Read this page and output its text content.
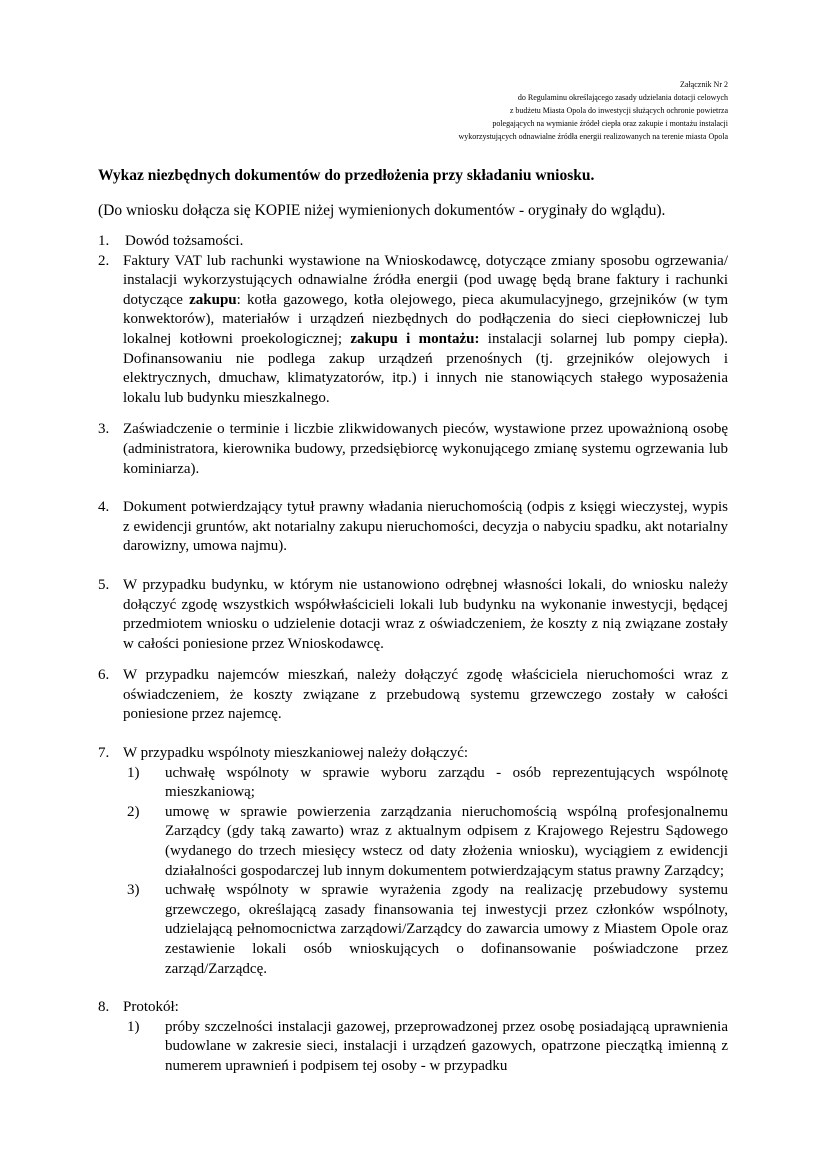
Załącznik Nr 2
do Regulaminu określającego zasady udzielania dotacji celowych
z budżetu Miasta Opola do inwestycji służących ochronie powietrza
polegających na wymianie źródeł ciepła oraz zakupie i montażu instalacji
wykorzystujących odnawialne źródła energii realizowanych na terenie miasta Opola
Wykaz niezbędnych dokumentów do przedłożenia przy składaniu wniosku.
(Do wniosku dołącza się KOPIE niżej wymienionych dokumentów - oryginały do wglądu).
1. Dowód tożsamości.
2. Faktury VAT lub rachunki wystawione na Wnioskodawcę, dotyczące zmiany sposobu ogrzewania/ instalacji wykorzystujących odnawialne źródła energii (pod uwagę będą brane faktury i rachunki dotyczące zakupu: kotła gazowego, kotła olejowego, pieca akumulacyjnego, grzejników (w tym konwektorów), materiałów i urządzeń niezbędnych do podłączenia do sieci ciepłowniczej lub lokalnej kotłowni proekologicznej; zakupu i montażu: instalacji solarnej lub pompy ciepła). Dofinansowaniu nie podlega zakup urządzeń przenośnych (tj. grzejników olejowych i elektrycznych, dmuchaw, klimatyzatorów, itp.) i innych nie stanowiących stałego wyposażenia lokalu lub budynku mieszkalnego.
3. Zaświadczenie o terminie i liczbie zlikwidowanych pieców, wystawione przez upoważnioną osobę (administratora, kierownika budowy, przedsiębiorcę wykonującego zmianę systemu ogrzewania lub kominiarza).
4. Dokument potwierdzający tytuł prawny władania nieruchomością (odpis z księgi wieczystej, wypis z ewidencji gruntów, akt notarialny zakupu nieruchomości, decyzja o nabyciu spadku, akt notarialny darowizny, umowa najmu).
5. W przypadku budynku, w którym nie ustanowiono odrębnej własności lokali, do wniosku należy dołączyć zgodę wszystkich współwłaścicieli lokali lub budynku na wykonanie inwestycji, będącej przedmiotem wniosku o udzielenie dotacji wraz z oświadczeniem, że koszty z nią związane zostały w całości poniesione przez Wnioskodawcę.
6. W przypadku najemców mieszkań, należy dołączyć zgodę właściciela nieruchomości wraz z oświadczeniem, że koszty związane z przebudową systemu grzewczego zostały w całości poniesione przez najemcę.
7. W przypadku wspólnoty mieszkaniowej należy dołączyć:
1) uchwałę wspólnoty w sprawie wyboru zarządu - osób reprezentujących wspólnotę mieszkaniową;
2) umowę w sprawie powierzenia zarządzania nieruchomością wspólną profesjonalnemu Zarządcy (gdy taką zawarto) wraz z aktualnym odpisem z Krajowego Rejestru Sądowego (wydanego do trzech miesięcy wstecz od daty złożenia wniosku), wyciągiem z ewidencji działalności gospodarczej lub innym dokumentem potwierdzającym status prawny Zarządcy;
3) uchwałę wspólnoty w sprawie wyrażenia zgody na realizację przebudowy systemu grzewczego, określającą zasady finansowania tej inwestycji przez członków wspólnoty, udzielającą pełnomocnictwa zarządowi/Zarządcy do zawarcia umowy z Miastem Opole oraz zestawienie lokali osób wnioskujących o dofinansowanie poświadczone przez zarząd/Zarządcę.
8. Protokół:
1) próby szczelności instalacji gazowej, przeprowadzonej przez osobę posiadającą uprawnienia budowlane w zakresie sieci, instalacji i urządzeń gazowych, opatrzone pieczątką imienną z numerem uprawnień i podpisem tej osoby - w przypadku
